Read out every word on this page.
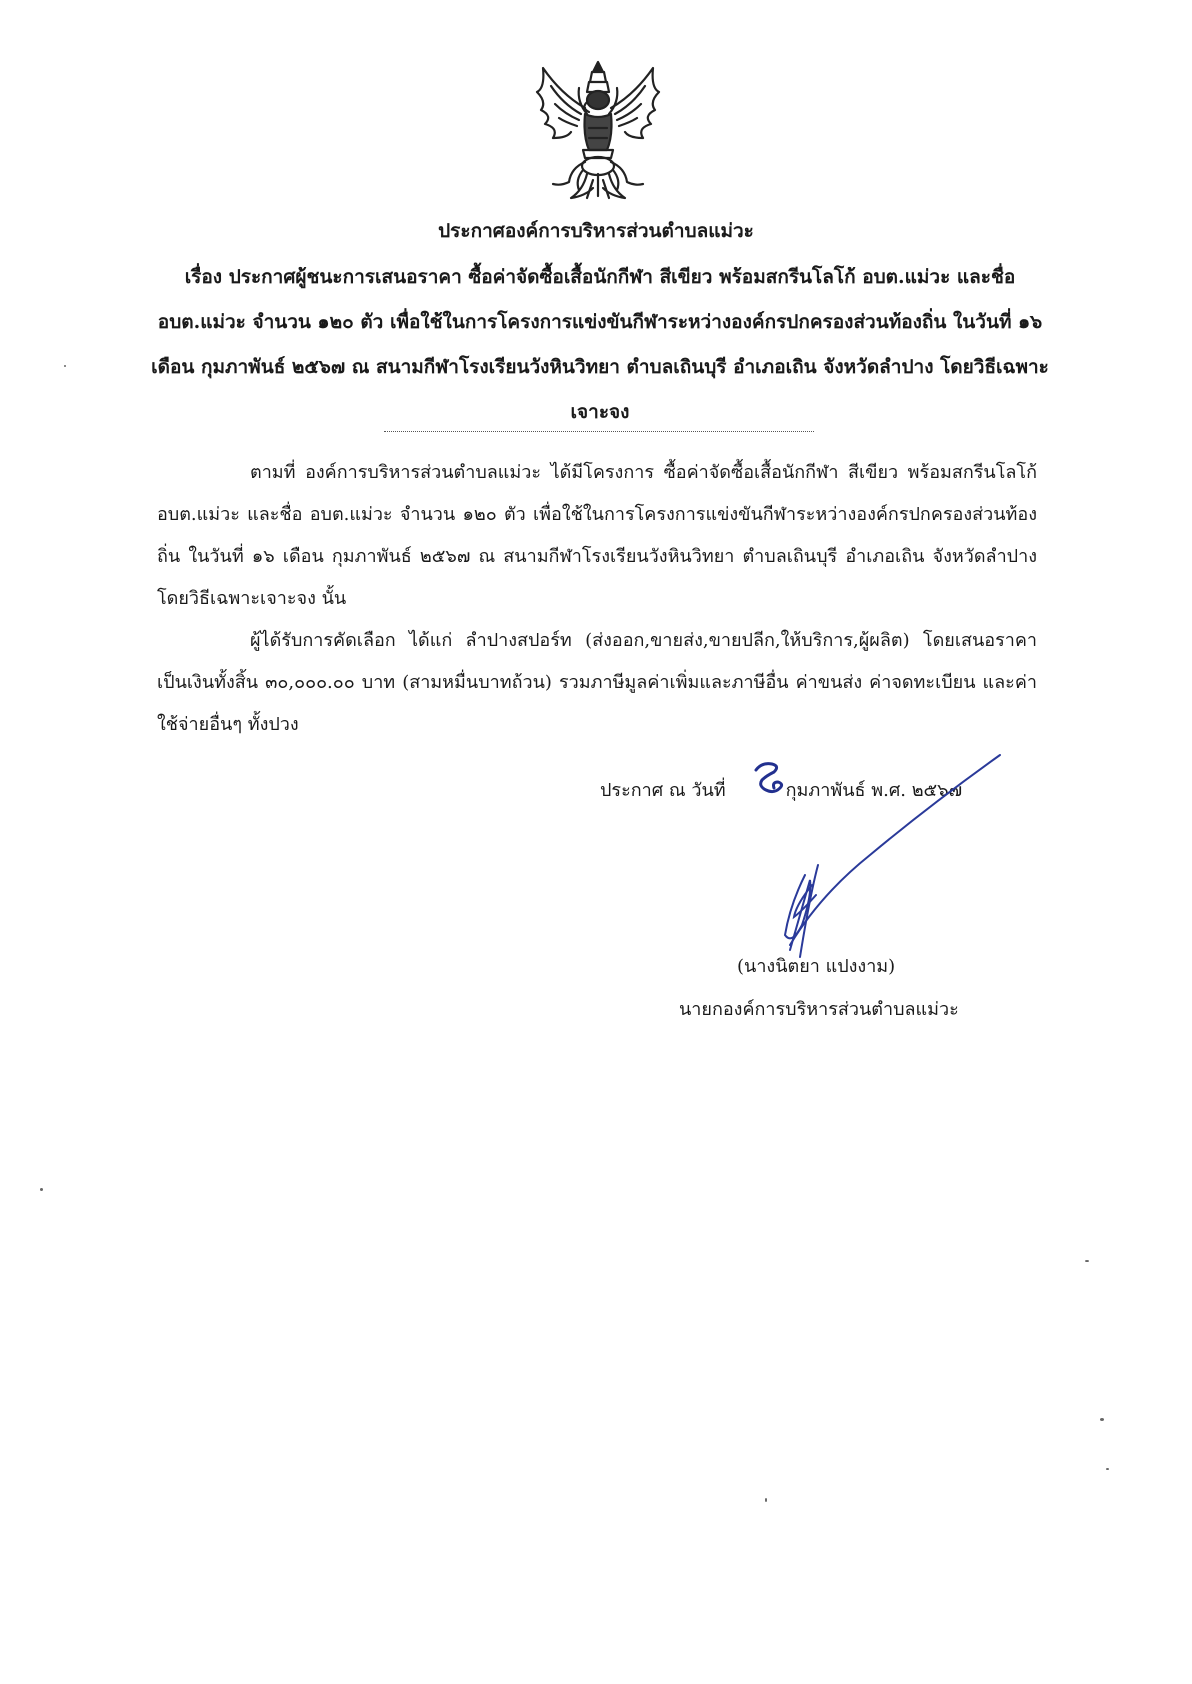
ประกาศองค์การบริหารส่วนตำบลแม่วะ
เรื่อง ประกาศผู้ชนะการเสนอราคา ซื้อค่าจัดซื้อเสื้อนักกีฬา สีเขียว พร้อมสกรีนโลโก้ อบต.แม่วะ และชื่อ อบต.แม่วะ จำนวน ๑๒๐ ตัว เพื่อใช้ในการโครงการแข่งขันกีฬาระหว่างองค์กรปกครองส่วนท้องถิ่น ในวันที่ ๑๖ เดือน กุมภาพันธ์ ๒๕๖๗ ณ สนามกีฬาโรงเรียนวังหินวิทยา ตำบลเถินบุรี อำเภอเถิน จังหวัดลำปาง โดยวิธีเฉพาะเจาะจง

ตามที่ องค์การบริหารส่วนตำบลแม่วะ ได้มีโครงการ ซื้อค่าจัดซื้อเสื้อนักกีฬา สีเขียว พร้อมสกรีนโลโก้ อบต.แม่วะ และชื่อ อบต.แม่วะ จำนวน ๑๒๐ ตัว เพื่อใช้ในการโครงการแข่งขันกีฬาระหว่างองค์กรปกครองส่วนท้องถิ่น ในวันที่ ๑๖ เดือน กุมภาพันธ์ ๒๕๖๗ ณ สนามกีฬาโรงเรียนวังหินวิทยา ตำบลเถินบุรี อำเภอเถิน จังหวัดลำปาง โดยวิธีเฉพาะเจาะจง นั้น

ผู้ได้รับการคัดเลือก ได้แก่ ลำปางสปอร์ท (ส่งออก,ขายส่ง,ขายปลีก,ให้บริการ,ผู้ผลิต) โดยเสนอราคา เป็นเงินทั้งสิ้น ๓๐,๐๐๐.๐๐ บาท (สามหมื่นบาทถ้วน) รวมภาษีมูลค่าเพิ่มและภาษีอื่น ค่าขนส่ง ค่าจดทะเบียน และค่าใช้จ่ายอื่นๆ ทั้งปวง

ประกาศ ณ วันที่	กุมภาพันธ์ พ.ศ. ๒๕๖๗
(นางนิตยา แปงงาม)
นายกองค์การบริหารส่วนตำบลแม่วะ
